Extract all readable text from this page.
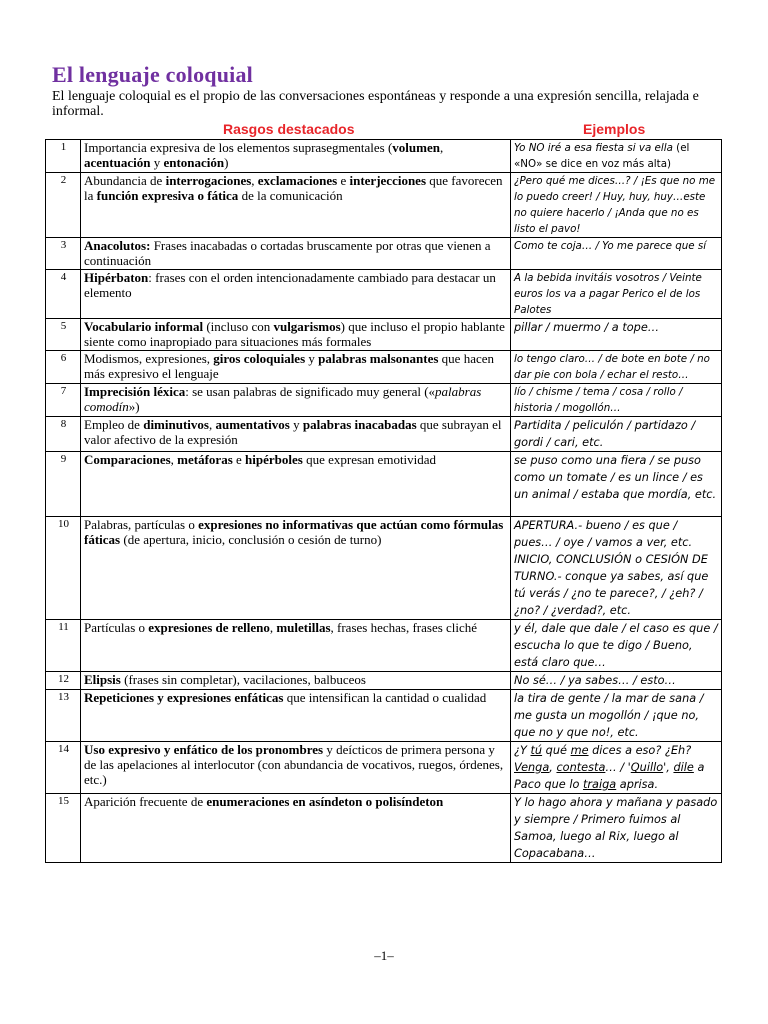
El lenguaje coloquial

El lenguaje coloquial es el propio de las conversaciones espontáneas y responde a una expresión sencilla, relajada e informal.

Rasgos destacados	Ejemplos
1	Importancia expresiva de los elementos suprasegmentales (volumen, acentuación y entonación)	Yo NO iré a esa fiesta si va ella (el «NO» se dice en voz más alta)
2	Abundancia de interrogaciones, exclamaciones e interjecciones que favorecen la función expresiva o fática de la comunicación	¿Pero qué me dices…? / ¡Es que no me lo puedo creer! / Huy, huy, huy…este no quiere hacerlo / ¡Anda que no es listo el pavo!
3	Anacolutos: Frases inacabadas o cortadas bruscamente por otras que vienen a continuación	Como te coja… / Yo me parece que sí
4	Hipérbaton: frases con el orden intencionadamente cambiado para destacar un elemento	A la bebida invitáis vosotros / Veinte euros los va a pagar Perico el de los Palotes
5	Vocabulario informal (incluso con vulgarismos) que incluso el propio hablante siente como inapropiado para situaciones más formales	pillar / muermo / a tope…
6	Modismos, expresiones, giros coloquiales y palabras malsonantes que hacen más expresivo el lenguaje	lo tengo claro… / de bote en bote / no dar pie con bola / echar el resto…
7	Imprecisión léxica: se usan palabras de significado muy general («palabras comodín»)	lío / chisme / tema / cosa / rollo / historia / mogollón…
8	Empleo de diminutivos, aumentativos y palabras inacabadas que subrayan el valor afectivo de la expresión	Partidita / peliculón / partidazo / gordi / cari, etc.
9	Comparaciones, metáforas e hipérboles que expresan emotividad	se puso como una fiera / se puso como un tomate / es un lince / es un animal / estaba que mordía, etc.
10	Palabras, partículas o expresiones no informativas que actúan como fórmulas fáticas (de apertura, inicio, conclusión o cesión de turno)	APERTURA.- bueno / es que / pues… / oye / vamos a ver, etc. INICIO, CONCLUSIÓN o CESIÓN DE TURNO.- conque ya sabes, así que tú verás / ¿no te parece?, / ¿eh? / ¿no? / ¿verdad?, etc.
11	Partículas o expresiones de relleno, muletillas, frases hechas, frases cliché	y él, dale que dale / el caso es que / escucha lo que te digo / Bueno, está claro que…
12	Elipsis (frases sin completar), vacilaciones, balbuceos	No sé… / ya sabes… / esto…
13	Repeticiones y expresiones enfáticas que intensifican la cantidad o cualidad	la tira de gente / la mar de sana / me gusta un mogollón / ¡que no, que no y que no!, etc.
14	Uso expresivo y enfático de los pronombres y deícticos de primera persona y de las apelaciones al interlocutor (con abundancia de vocativos, ruegos, órdenes, etc.)	¿Y tú qué me dices a eso? ¿Eh? Venga, contesta… / 'Quillo', dile a Paco que lo traiga aprisa.
15	Aparición frecuente de enumeraciones en asíndeton o polisíndeton	Y lo hago ahora y mañana y pasado y siempre / Primero fuimos al Samoa, luego al Rix, luego al Copacabana…
–1–
